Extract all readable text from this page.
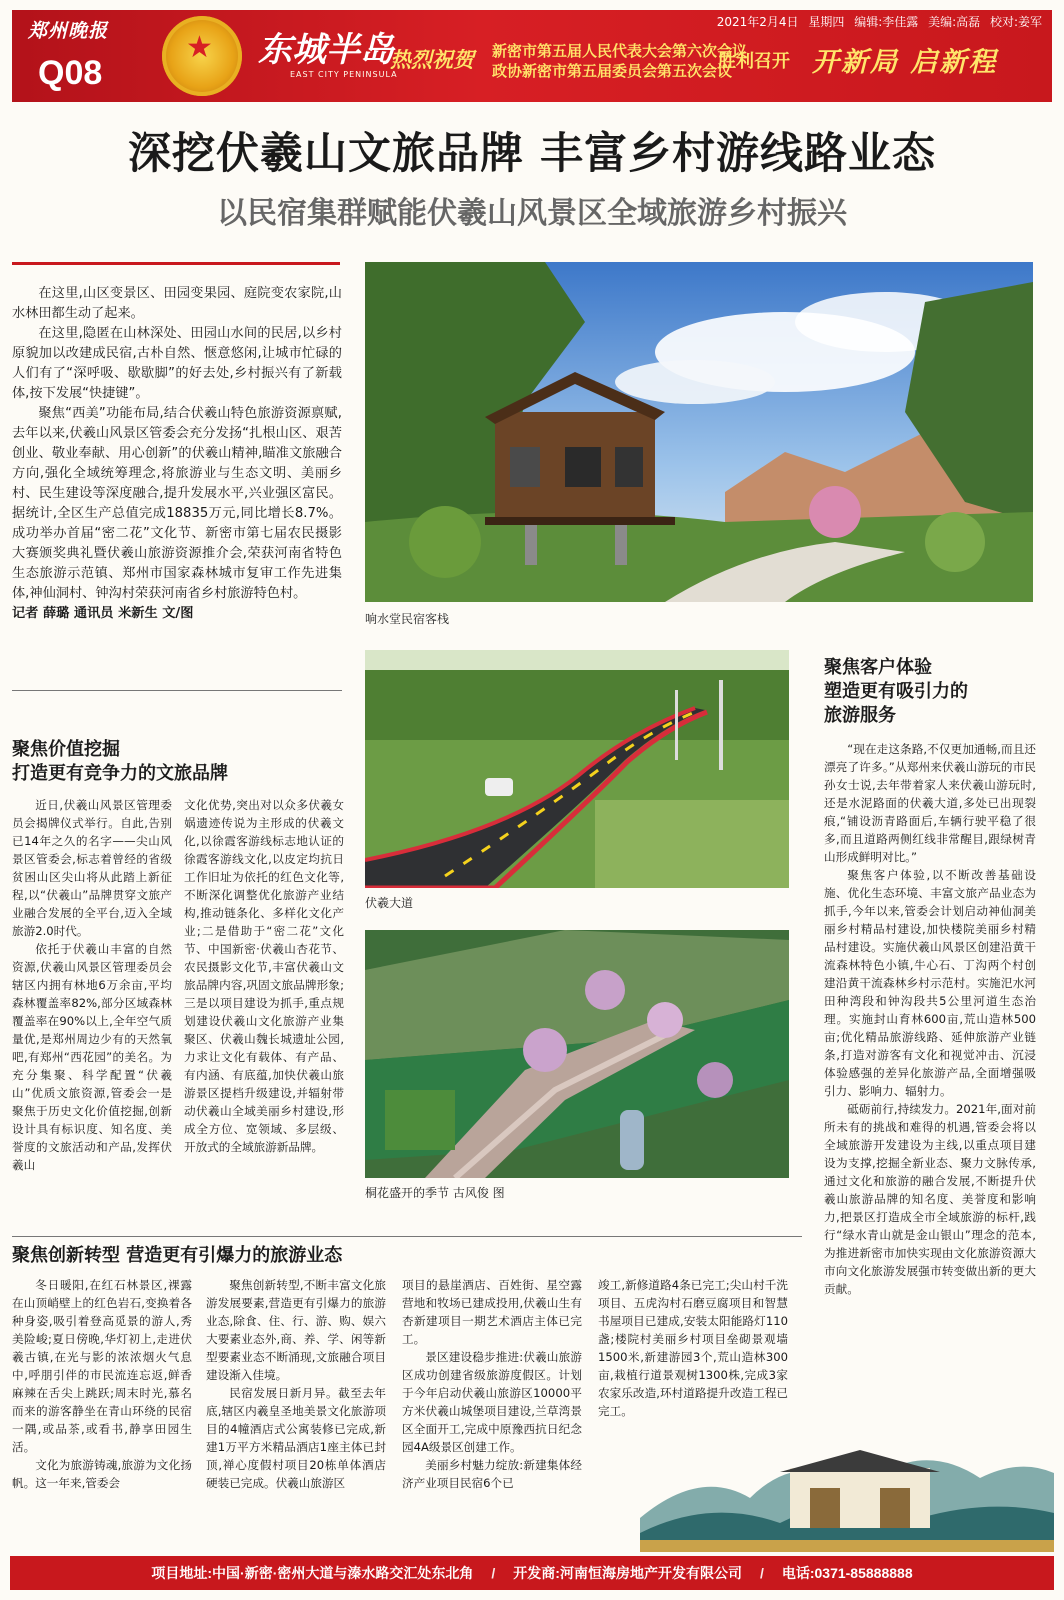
郑州晚报
Q08
★ 东城半岛
EAST CITY PENINSULA
热烈祝贺 新密市第五届人民代表大会第六次会议
政协新密市第五届委员会第五次会议
胜利召开 开新局 启新程
2021年2月4日 星期四 编辑:李佳露 美编:高磊 校对:姜军
深挖伏羲山文旅品牌 丰富乡村游线路业态
以民宿集群赋能伏羲山风景区全域旅游乡村振兴

在这里,山区变景区、田园变果园、庭院变农家院,山水林田都生动了起来。

在这里,隐匿在山林深处、田园山水间的民居,以乡村原貌加以改建成民宿,古朴自然、惬意悠闲,让城市忙碌的人们有了“深呼吸、歇歇脚”的好去处,乡村振兴有了新载体,按下发展“快捷键”。

聚焦“西美”功能布局,结合伏羲山特色旅游资源禀赋,去年以来,伏羲山风景区管委会充分发扬“扎根山区、艰苦创业、敬业奉献、用心创新”的伏羲山精神,瞄准文旅融合方向,强化全域统筹理念,将旅游业与生态文明、美丽乡村、民生建设等深度融合,提升发展水平,兴业强区富民。据统计,全区生产总值完成18835万元,同比增长8.7%。成功举办首届“密二花”文化节、新密市第七届农民摄影大赛颁奖典礼暨伏羲山旅游资源推介会,荣获河南省特色生态旅游示范镇、郑州市国家森林城市复审工作先进集体,神仙洞村、钟沟村荣获河南省乡村旅游特色村。

记者 薛璐 通讯员 米新生 文/图	响水堂民宿客栈
聚焦价值挖掘
打造更有竞争力的文旅品牌

近日,伏羲山风景区管理委员会揭牌仪式举行。自此,告别已14年之久的名字——尖山风景区管委会,标志着曾经的省级贫困山区尖山将从此踏上新征程,以“伏羲山”品牌贯穿文旅产业融合发展的全平台,迈入全域旅游2.0时代。

依托于伏羲山丰富的自然资源,伏羲山风景区管理委员会辖区内拥有林地6万余亩,平均森林覆盖率82%,部分区域森林覆盖率在90%以上,全年空气质量优,是郑州周边少有的天然氧吧,有郑州“西花园”的美名。为充分集聚、科学配置“伏羲山”优质文旅资源,管委会一是聚焦于历史文化价值挖掘,创新设计具有标识度、知名度、美誉度的文旅活动和产品,发挥伏羲山

文化优势,突出对以众多伏羲女娲遗迹传说为主形成的伏羲文化,以徐霞客游线标志地认证的徐霞客游线文化,以皮定均抗日工作旧址为依托的红色文化等,不断深化调整优化旅游产业结构,推动链条化、多样化文化产业;二是借助于“密二花”文化节、中国新密·伏羲山杏花节、农民摄影文化节,丰富伏羲山文旅品牌内容,巩固文旅品牌形象;三是以项目建设为抓手,重点规划建设伏羲山文化旅游产业集聚区、伏羲山魏长城遗址公园,力求让文化有载体、有产品、有内涵、有底蕴,加快伏羲山旅游景区提档升级建设,并辐射带动伏羲山全域美丽乡村建设,形成全方位、宽领域、多层级、开放式的全域旅游新品牌。

伏羲大道
桐花盛开的季节 古风俊 图
聚焦客户体验
塑造更有吸引力的
旅游服务

“现在走这条路,不仅更加通畅,而且还漂亮了许多。”从郑州来伏羲山游玩的市民孙女士说,去年带着家人来伏羲山游玩时,还是水泥路面的伏羲大道,多处已出现裂痕,“铺设沥青路面后,车辆行驶平稳了很多,而且道路两侧红线非常醒目,跟绿树青山形成鲜明对比。”

聚焦客户体验,以不断改善基础设施、优化生态环境、丰富文旅产品业态为抓手,今年以来,管委会计划启动神仙洞美丽乡村精品村建设,加快楼院美丽乡村精品村建设。实施伏羲山风景区创建沿黄干流森林特色小镇,牛心石、丁沟两个村创建沿黄干流森林乡村示范村。实施汜水河田种湾段和钟沟段共5公里河道生态治理。实施封山育林600亩,荒山造林500亩;优化精品旅游线路、延伸旅游产业链条,打造对游客有文化和视觉冲击、沉浸体验感强的差异化旅游产品,全面增强吸引力、影响力、辐射力。

砥砺前行,持续发力。2021年,面对前所未有的挑战和难得的机遇,管委会将以全域旅游开发建设为主线,以重点项目建设为支撑,挖掘全新业态、聚力文脉传承,通过文化和旅游的融合发展,不断提升伏羲山旅游品牌的知名度、美誉度和影响力,把景区打造成全市全域旅游的标杆,践行“绿水青山就是金山银山”理念的范本,为推进新密市加快实现由文化旅游资源大市向文化旅游发展强市转变做出新的更大贡献。

聚焦创新转型 营造更有引爆力的旅游业态

冬日暖阳,在红石林景区,裸露在山顶峭壁上的红色岩石,变换着各种身姿,吸引着登高觅景的游人,秀美险峻;夏日傍晚,华灯初上,走进伏羲古镇,在光与影的浓浓烟火气息中,呼朋引伴的市民流连忘返,鲜香麻辣在舌尖上跳跃;周末时光,慕名而来的游客静坐在青山环绕的民宿一隅,或品茶,或看书,静享田园生活。

文化为旅游铸魂,旅游为文化扬帆。这一年来,管委会

聚焦创新转型,不断丰富文化旅游发展要素,营造更有引爆力的旅游业态,除食、住、行、游、购、娱六大要素业态外,商、养、学、闲等新型要素业态不断涌现,文旅融合项目建设渐入佳境。

民宿发展日新月异。截至去年底,辖区内羲皇圣地美景文化旅游项目的4幢酒店式公寓装修已完成,新建1万平方米精品酒店1座主体已封顶,禅心度假村项目20栋单体酒店硬装已完成。伏羲山旅游区

项目的悬崖酒店、百姓街、星空露营地和牧场已建成投用,伏羲山生有杏新建项目一期艺术酒店主体已完工。

景区建设稳步推进:伏羲山旅游区成功创建省级旅游度假区。计划于今年启动伏羲山旅游区10000平方米伏羲山城堡项目建设,兰草湾景区全面开工,完成中原豫西抗日纪念园4A级景区创建工作。

美丽乡村魅力绽放:新建集体经济产业项目民宿6个已

竣工,新修道路4条已完工;尖山村千洗项目、五虎沟村石磨豆腐项目和智慧书屋项目已建成,安装太阳能路灯110盏;楼院村美丽乡村项目垒砌景观墙1500米,新建游园3个,荒山造林300亩,栽植行道景观树1300株,完成3家农家乐改造,环村道路提升改造工程已完工。

项目地址:中国·新密·密州大道与溱水路交汇处东北角 / 开发商:河南恒海房地产开发有限公司 / 电话:0371-85888888
